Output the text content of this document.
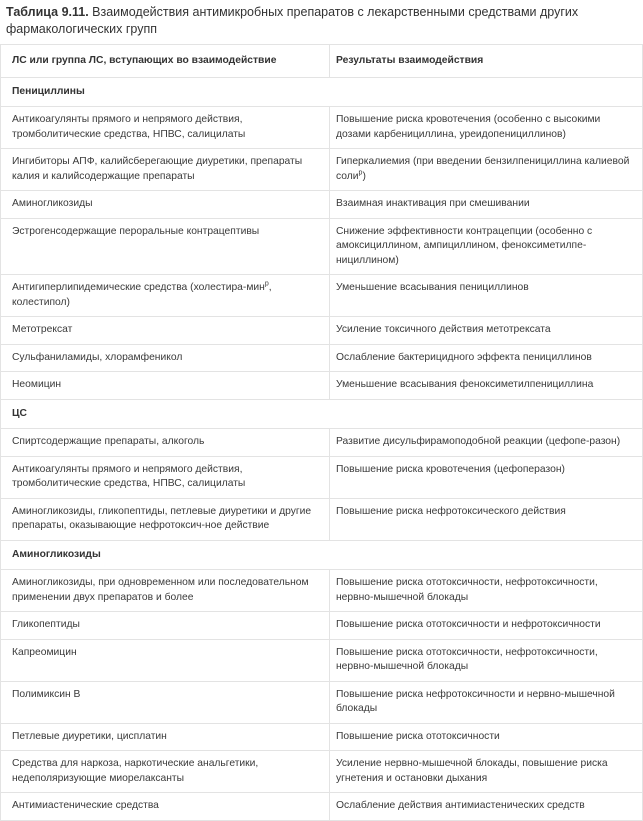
Таблица 9.11. Взаимодействия антимикробных препаратов с лекарственными средствами других фармакологических групп
ЛС или группа ЛС, вступающих во взаимодействие	Результаты взаимодействия
Пенициллины	
Антикоагулянты прямого и непрямого действия, тромболитические средства, НПВС, салицилаты	Повышение риска кровотечения (особенно с высокими дозами карбенициллина, уреидопенициллинов)
Ингибиторы АПФ, калийсберегающие диуретики, препараты калия и калийсодержащие препараты	Гиперкалиемия (при введении бензилпенициллина калиевой соли$^р$)
Аминогликозиды	Взаимная инактивация при смешивании
Эстрогенсодержащие пероральные контрацептивы	Снижение эффективности контрацепции (особенно с амоксициллином, ампициллином, феноксиметилпе-нициллином)
Антигиперлипидемические средства (холестира-мин$^р$, колестипол)	Уменьшение всасывания пенициллинов
Метотрексат	Усиление токсичного действия метотрексата
Сульфаниламиды, хлорамфеникол	Ослабление бактерицидного эффекта пенициллинов
Неомицин	Уменьшение всасывания феноксиметилпенициллина
ЦС	
Спиртсодержащие препараты, алкоголь	Развитие дисульфирамоподобной реакции (цефопе-разон)
Антикоагулянты прямого и непрямого действия, тромболитические средства, НПВС, салицилаты	Повышение риска кровотечения (цефоперазон)
Аминогликозиды, гликопептиды, петлевые диуретики и другие препараты, оказывающие нефротоксич-ное действие	Повышение риска нефротоксического действия
Аминогликозиды	
Аминогликозиды, при одновременном или последовательном применении двух препаратов и более	Повышение риска ототоксичности, нефротоксичности, нервно-мышечной блокады
Гликопептиды	Повышение риска ототоксичности и нефротоксичности
Капреомицин	Повышение риска ототоксичности, нефротоксичности, нервно-мышечной блокады
Полимиксин В	Повышение риска нефротоксичности и нервно-мышечной блокады
Петлевые диуретики, цисплатин	Повышение риска ототоксичности
Средства для наркоза, наркотические анальгетики, недеполяризующие миорелаксанты	Усиление нервно-мышечной блокады, повышение риска угнетения и остановки дыхания
Антимиастенические средства	Ослабление действия антимиастенических средств
